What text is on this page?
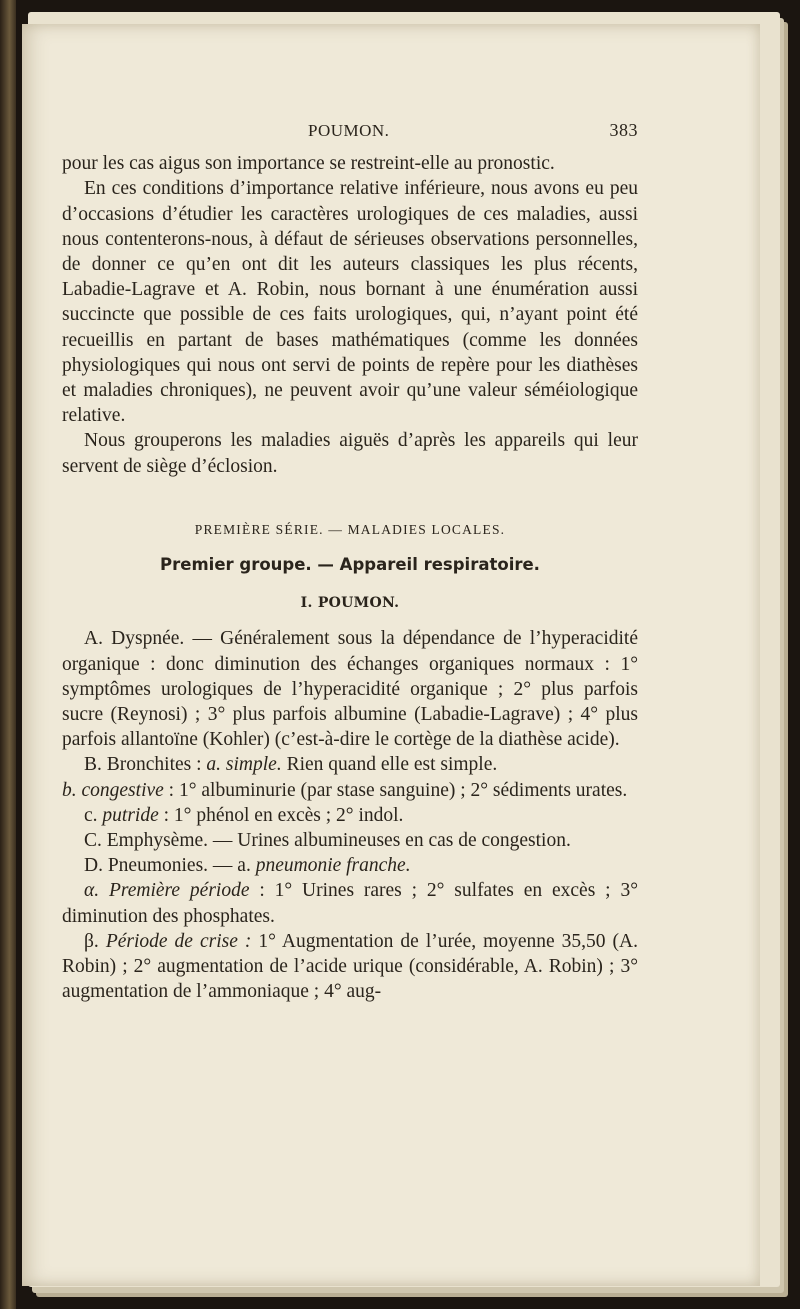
POUMON.	383

pour les cas aigus son importance se restreint-elle au pronostic.

En ces conditions d’importance relative inférieure, nous avons eu peu d’occasions d’étudier les caractères urologiques de ces maladies, aussi nous contenterons-nous, à défaut de sérieuses observations personnelles, de donner ce qu’en ont dit les auteurs classiques les plus récents, Labadie-Lagrave et A. Robin, nous bornant à une énumération aussi succincte que possible de ces faits urologiques, qui, n’ayant point été recueillis en partant de bases mathématiques (comme les données physiologiques qui nous ont servi de points de repère pour les diathèses et maladies chroniques), ne peuvent avoir qu’une valeur séméiologique relative.

Nous grouperons les maladies aiguës d’après les appareils qui leur servent de siège d’éclosion.

PREMIÈRE SÉRIE. — MALADIES LOCALES.
Premier groupe. — Appareil respiratoire.
I. POUMON.

A. Dyspnée. — Généralement sous la dépendance de l’hyperacidité organique : donc diminution des échanges organiques normaux : 1° symptômes urologiques de l’hyperacidité organique ; 2° plus parfois sucre (Reynosi) ; 3° plus parfois albumine (Labadie-Lagrave) ; 4° plus parfois allantoïne (Kohler) (c’est-à-dire le cortège de la diathèse acide).

B. Bronchites : a. simple. Rien quand elle est simple.

b. congestive : 1° albuminurie (par stase sanguine) ; 2° sédiments urates.

c. putride : 1° phénol en excès ; 2° indol.

C. Emphysème. — Urines albumineuses en cas de congestion.

D. Pneumonies. — a. pneumonie franche.

α. Première période : 1° Urines rares ; 2° sulfates en excès ; 3° diminution des phosphates.

β. Période de crise : 1° Augmentation de l’urée, moyenne 35,50 (A. Robin) ; 2° augmentation de l’acide urique (considérable, A. Robin) ; 3° augmentation de l’ammoniaque ; 4° aug-
